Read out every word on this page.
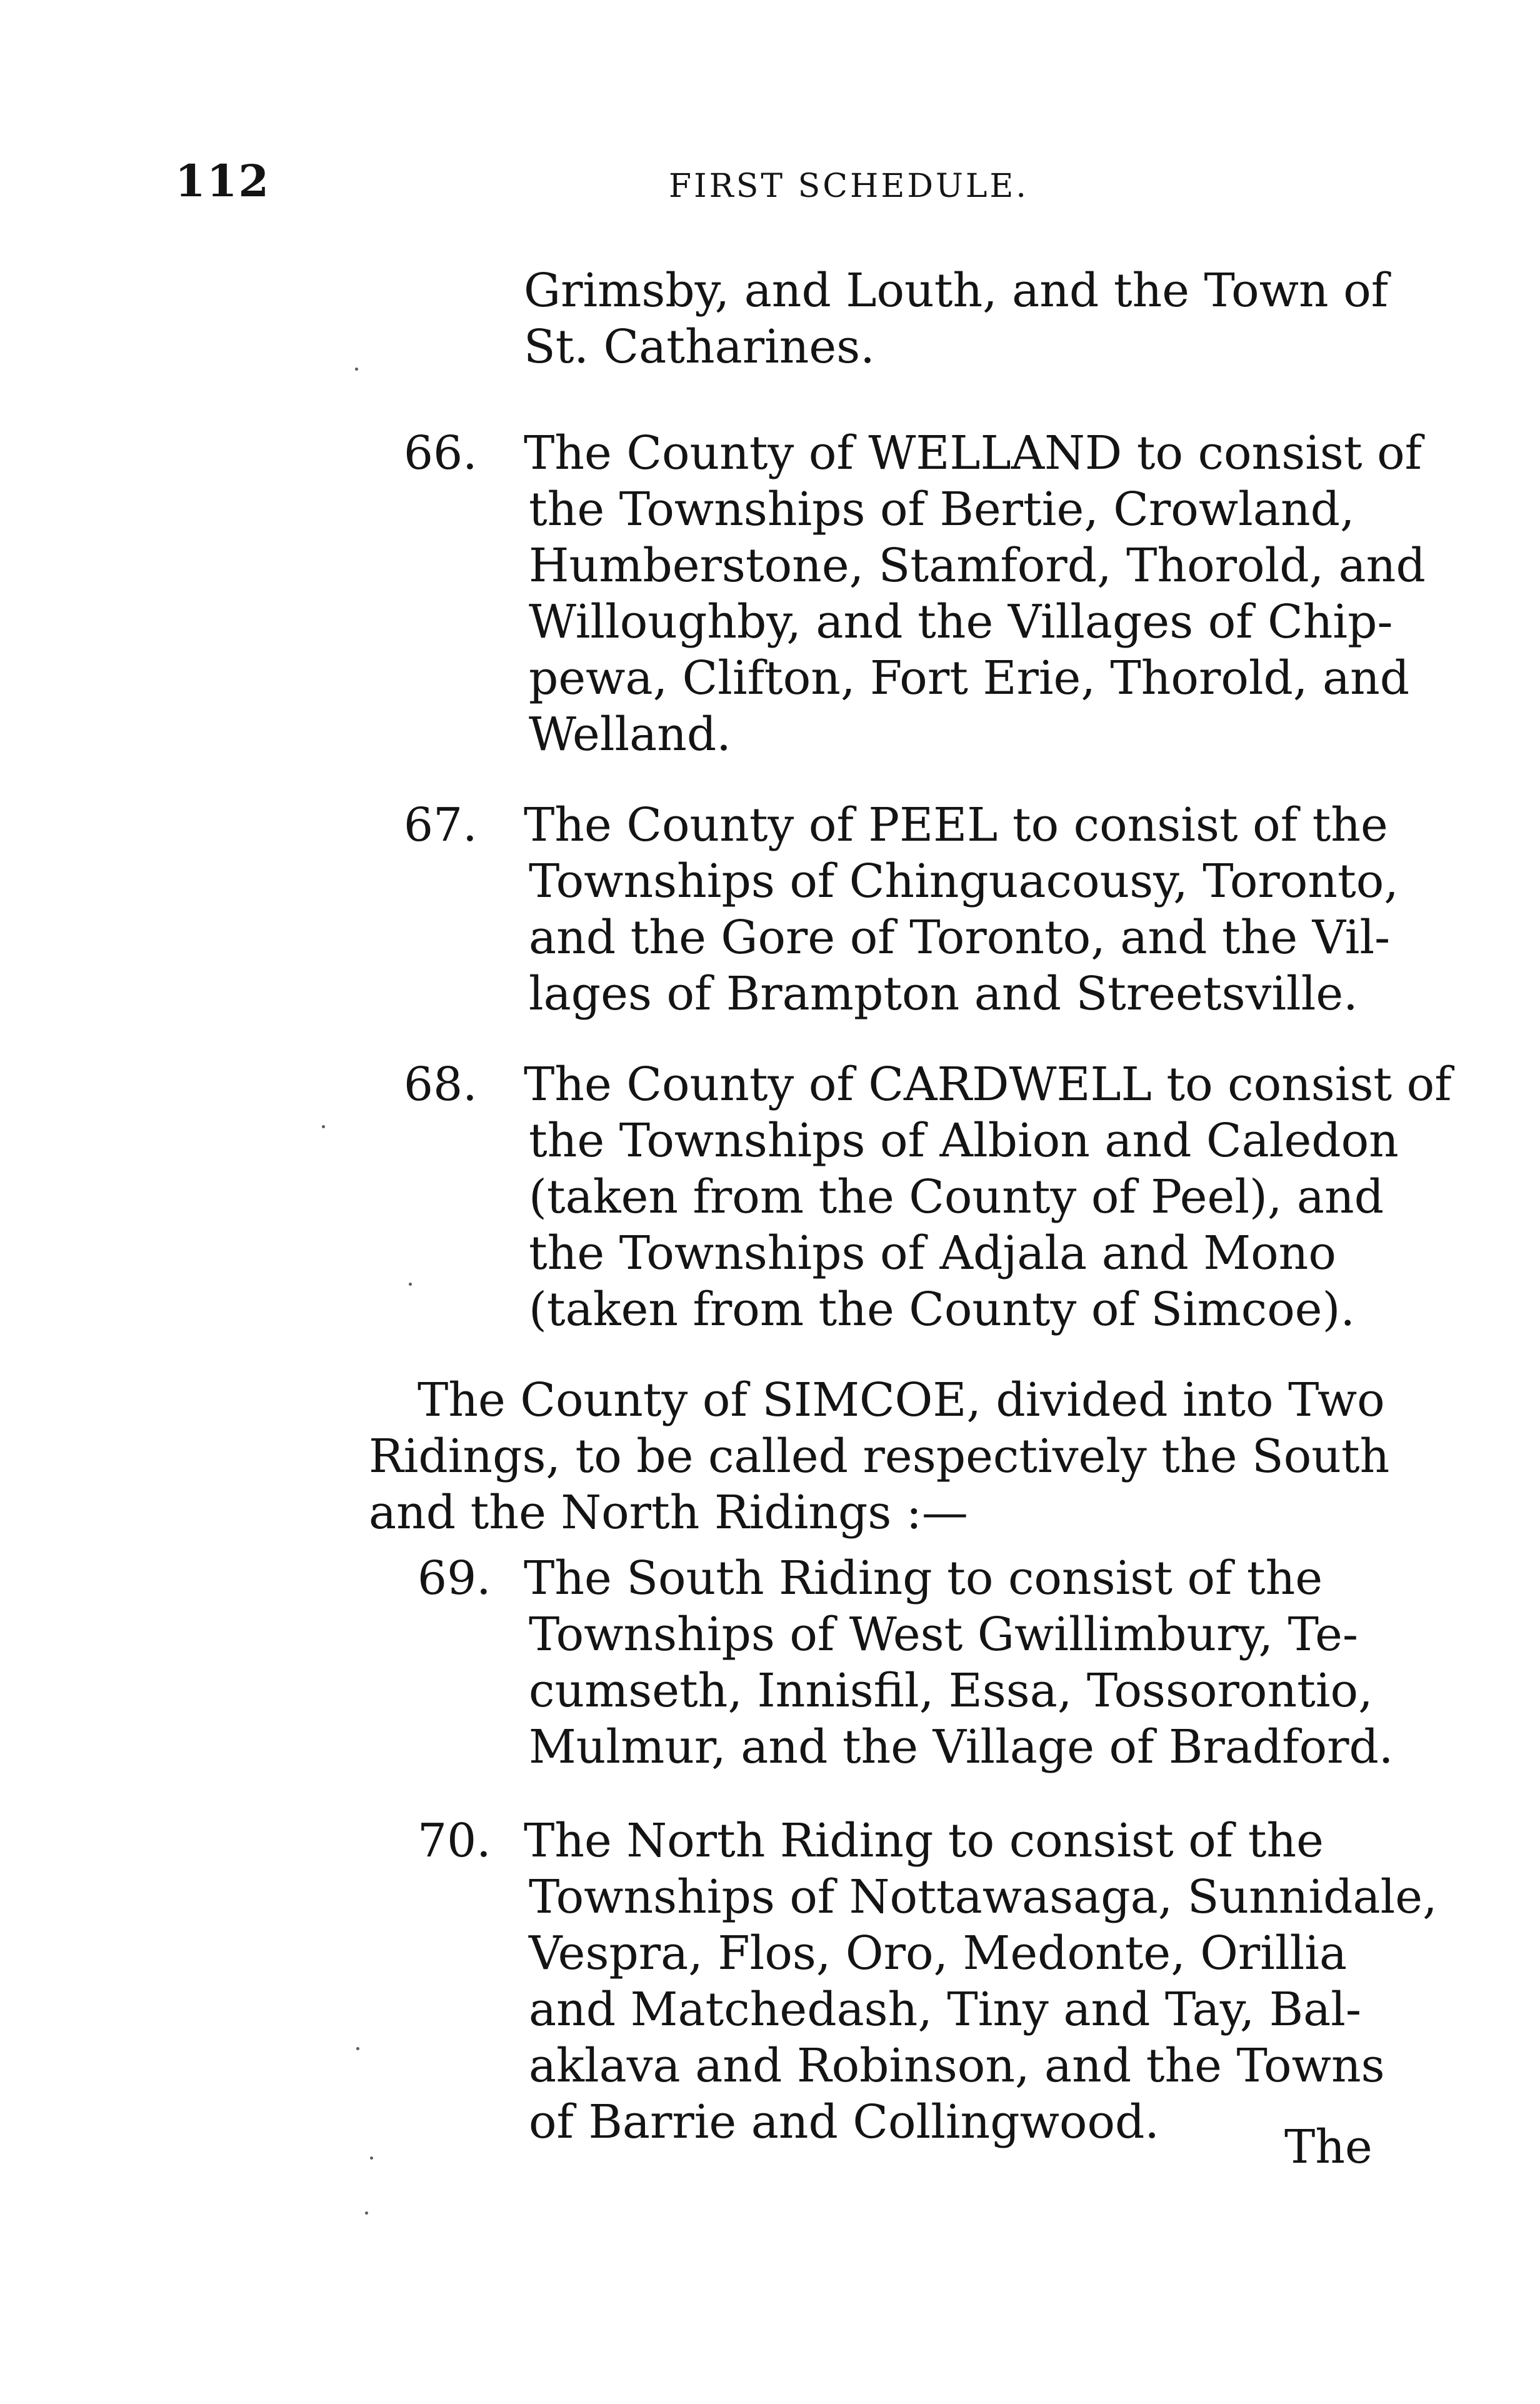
112	FIRST SCHEDULE.
Grimsby, and Louth, and the Town of
St. Catharines.
66. The County of WELLAND to consist of
the Townships of Bertie, Crowland,
Humberstone, Stamford, Thorold, and
Willoughby, and the Villages of Chip-
pewa, Clifton, Fort Erie, Thorold, and
Welland.
67. The County of PEEL to consist of the
Townships of Chinguacousy, Toronto,
and the Gore of Toronto, and the Vil-
lages of Brampton and Streetsville.
68. The County of CARDWELL to consist of
the Townships of Albion and Caledon
(taken from the County of Peel), and
the Townships of Adjala and Mono
(taken from the County of Simcoe).
The County of SIMCOE, divided into Two
Ridings, to be called respectively the South
and the North Ridings :—
69. The South Riding to consist of the
Townships of West Gwillimbury, Te-
cumseth, Innisfil, Essa, Tossorontio,
Mulmur, and the Village of Bradford.
70. The North Riding to consist of the
Townships of Nottawasaga, Sunnidale,
Vespra, Flos, Oro, Medonte, Orillia
and Matchedash, Tiny and Tay, Bal-
aklava and Robinson, and the Towns
of Barrie and Collingwood.	The
